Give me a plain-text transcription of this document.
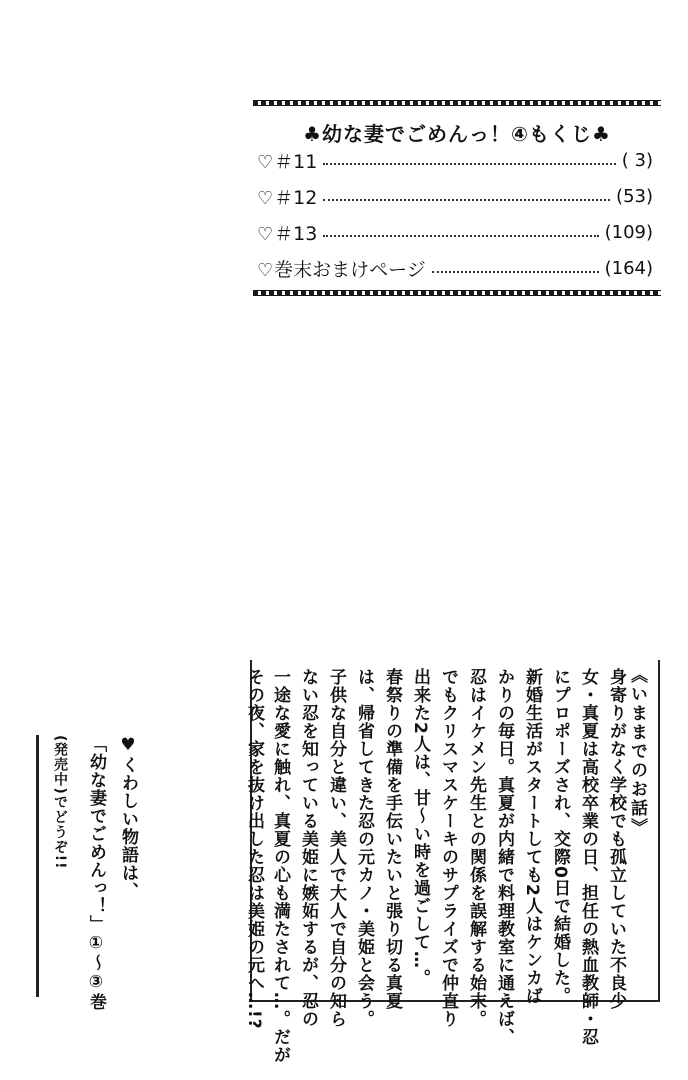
♣幼な妻でごめんっ！④もくじ♣
♡＃11	( 3)
♡＃12	(53)
♡＃13	(109)
♡巻末おまけページ	(164)
《いままでのお話》
身寄りがなく学校でも孤立していた不良少
女・真夏は高校卒業の日、担任の熱血教師・忍
にプロポーズされ、交際0日で結婚した。
新婚生活がスタートしても2人はケンカば
かりの毎日。真夏が内緒で料理教室に通えば、
忍はイケメン先生との関係を誤解する始末。
でもクリスマスケーキのサプライズで仲直り
出来た2人は、甘〜い時を過ごして…。
春祭りの準備を手伝いたいと張り切る真夏
は、帰省してきた忍の元カノ・美姫と会う。
子供な自分と違い、美人で大人で自分の知ら
ない忍を知っている美姫に嫉妬するが、忍の
一途な愛に触れ、真夏の心も満たされて…。だが
その夜、家を抜け出した忍は美姫の元へ…!?
♥くわしい物語は、
「幼な妻でごめんっ！」①〜③巻
(発売中)でどうぞ!!
